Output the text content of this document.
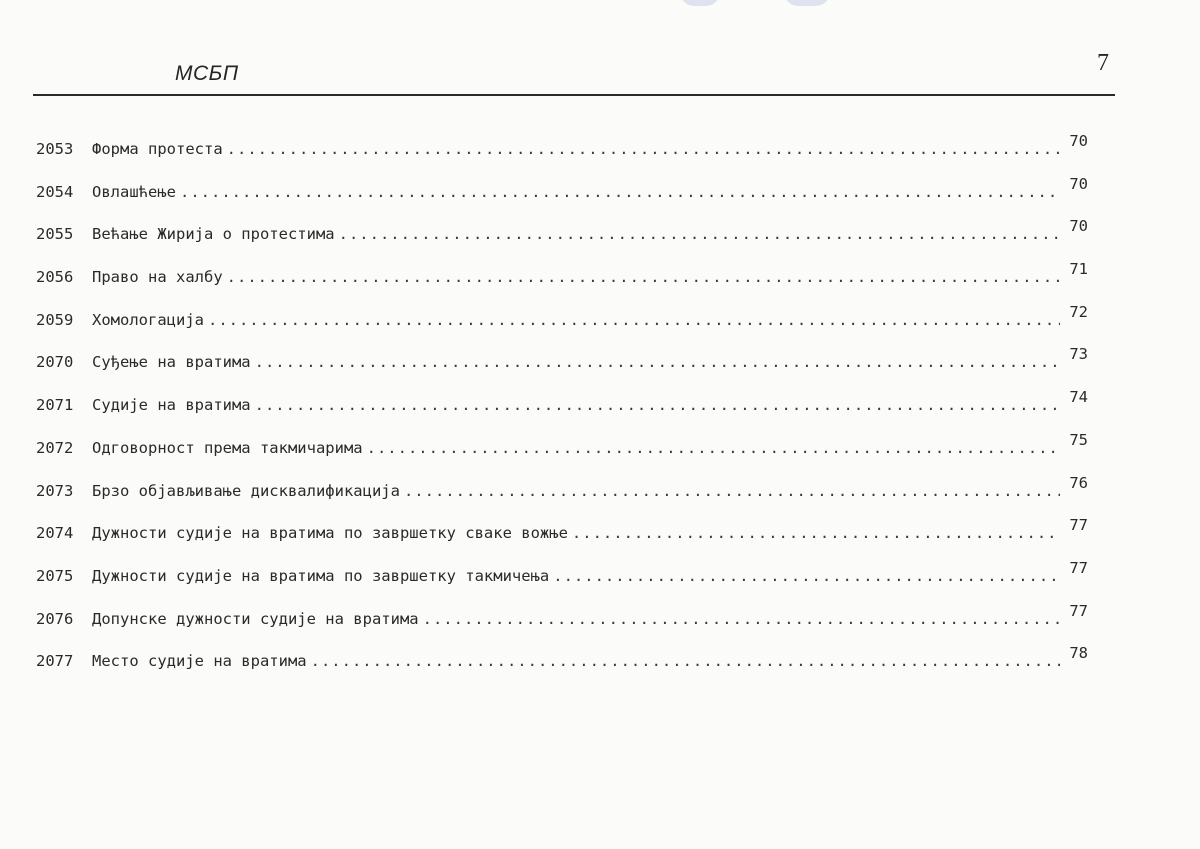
МСБП	7
2053	Форма протеста .....	70
2054	Овлашћење .....	70
2055	Већање Жирија о протестима .....	70
2056	Право на халбу .....	71
2059	Хомологација .....	72
2070	Суђење на вратима .....	73
2071	Судије на вратима .....	74
2072	Одговорност према такмичарима .....	75
2073	Брзо објављивање дисквалификација .....	76
2074	Дужности судије на вратима по завршетку сваке вожње .....	77
2075	Дужности судије на вратима по завршетку такмичења .....	77
2076	Допунске дужности судије на вратима .....	77
2077	Место судије на вратима .....	78
